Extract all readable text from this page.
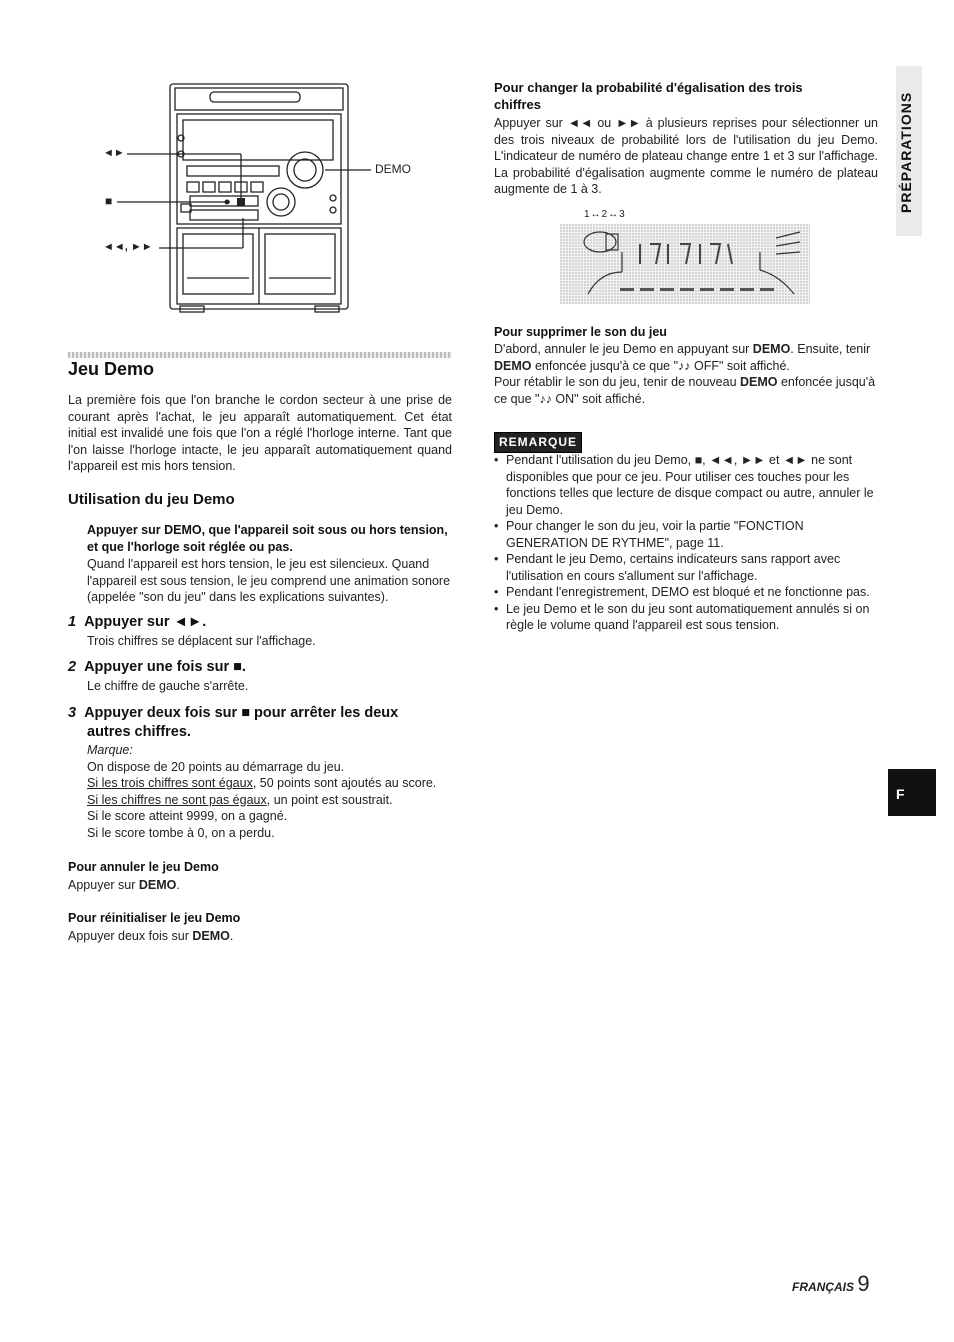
◄►
■
◄◄, ►►
DEMO
Jeu Demo

La première fois que l'on branche le cordon secteur à une prise de courant après l'achat, le jeu apparaît automatiquement. Cet état initial est invalidé une fois que l'on a réglé l'horloge interne. Tant que l'on laisse l'horloge intacte, le jeu apparaît automatiquement quand l'appareil est mis hors tension.

Utilisation du jeu Demo

Appuyer sur DEMO, que l'appareil soit sous ou hors tension, et que l'horloge soit réglée ou pas.

Quand l'appareil est hors tension, le jeu est silencieux. Quand l'appareil est sous tension, le jeu comprend une animation sonore (appelée "son du jeu" dans les explications suivantes).

1 Appuyer sur ◄►.

Trois chiffres se déplacent sur l'affichage.

2 Appuyer une fois sur ■.

Le chiffre de gauche s'arrête.

3 Appuyer deux fois sur ■ pour arrêter les deux
autres chiffres.

Marque:

On dispose de 20 points au démarrage du jeu.

Si les trois chiffres sont égaux, 50 points sont ajoutés au score.

Si les chiffres ne sont pas égaux, un point est soustrait.

Si le score atteint 9999, on a gagné.

Si le score tombe à 0, on a perdu.

Pour annuler le jeu Demo

Appuyer sur DEMO.

Pour réinitialiser le jeu Demo

Appuyer deux fois sur DEMO.

Pour changer la probabilité d'égalisation des trois
chiffres

Appuyer sur ◄◄ ou ►► à plusieurs reprises pour sélectionner un des trois niveaux de probabilité lors de l'utilisation du jeu Demo. L'indicateur de numéro de plateau change entre 1 et 3 sur l'affichage. La probabilité d'égalisation augmente comme le numéro de plateau augmente de 1 à 3.

1↔2↔3
Pour supprimer le son du jeu

D'abord, annuler le jeu Demo en appuyant sur DEMO. Ensuite, tenir DEMO enfoncée jusqu'à ce que "♪♪ OFF" soit affiché.

Pour rétablir le son du jeu, tenir de nouveau DEMO enfoncée jusqu'à ce que "♪♪ ON" soit affiché.

REMARQUE
• Pendant l'utilisation du jeu Demo, ■, ◄◄, ►► et ◄► ne sont disponibles que pour ce jeu. Pour utiliser ces touches pour les fonctions telles que lecture de disque compact ou autre, annuler le jeu Demo.
• Pour changer le son du jeu, voir la partie "FONCTION GENERATION DE RYTHME", page 11.
• Pendant le jeu Demo, certains indicateurs sans rapport avec l'utilisation en cours s'allument sur l'affichage.
• Pendant l'enregistrement, DEMO est bloqué et ne fonctionne pas.
• Le jeu Demo et le son du jeu sont automatiquement annulés si on règle le volume quand l'appareil est sous tension.
PRÉPARATIONS
F
FRANÇAIS 9
